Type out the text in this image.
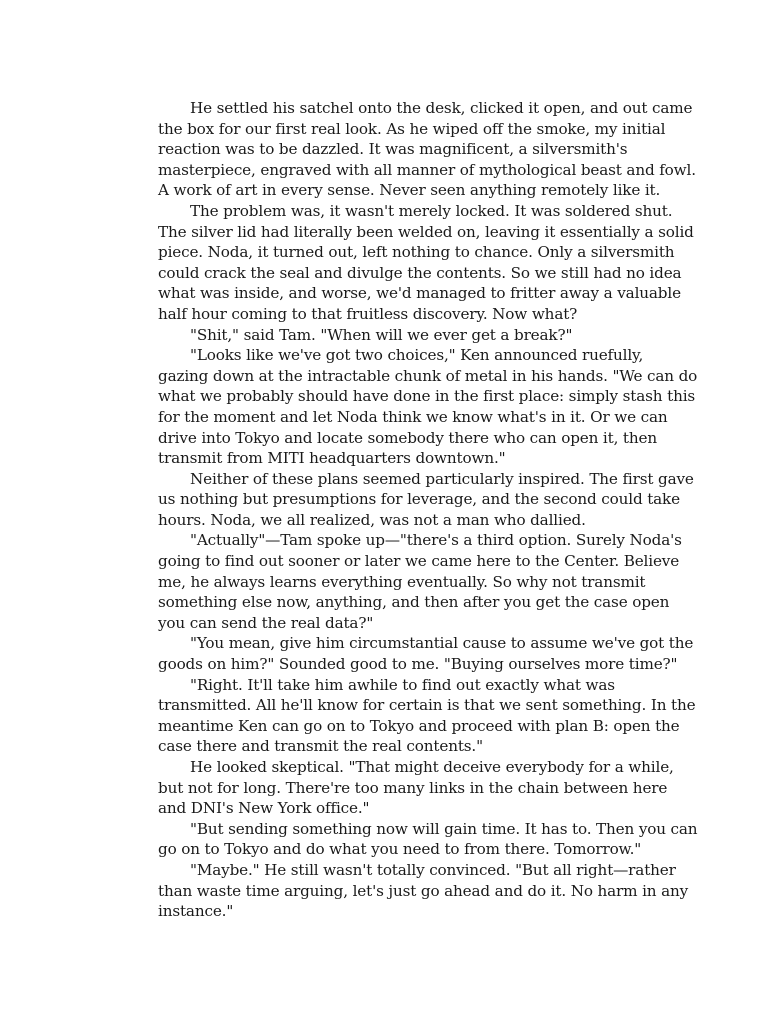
He settled his satchel onto the desk, clicked it open, and out came the box for our first real look. As he wiped off the smoke, my initial reaction was to be dazzled. It was magnificent, a silversmith's masterpiece, engraved with all manner of mythological beast and fowl. A work of art in every sense. Never seen anything remotely like it.

The problem was, it wasn't merely locked. It was soldered shut. The silver lid had literally been welded on, leaving it essentially a solid piece. Noda, it turned out, left nothing to chance. Only a silversmith could crack the seal and divulge the contents. So we still had no idea what was inside, and worse, we'd managed to fritter away a valuable half hour coming to that fruitless discovery. Now what?

"Shit," said Tam. "When will we ever get a break?"

"Looks like we've got two choices," Ken announced ruefully, gazing down at the intractable chunk of metal in his hands. "We can do what we probably should have done in the first place: simply stash this for the moment and let Noda think we know what's in it. Or we can drive into Tokyo and locate somebody there who can open it, then transmit from MITI headquarters downtown."

Neither of these plans seemed particularly inspired. The first gave us nothing but presumptions for leverage, and the second could take hours. Noda, we all realized, was not a man who dallied.

"Actually"—Tam spoke up—"there's a third option. Surely Noda's going to find out sooner or later we came here to the Center. Believe me, he always learns everything eventually. So why not transmit something else now, anything, and then after you get the case open you can send the real data?"

"You mean, give him circumstantial cause to assume we've got the goods on him?" Sounded good to me. "Buying ourselves more time?"

"Right. It'll take him awhile to find out exactly what was transmitted. All he'll know for certain is that we sent something. In the meantime Ken can go on to Tokyo and proceed with plan B: open the case there and transmit the real contents."

He looked skeptical. "That might deceive everybody for a while, but not for long. There're too many links in the chain between here and DNI's New York office."

"But sending something now will gain time. It has to. Then you can go on to Tokyo and do what you need to from there. Tomorrow."

"Maybe." He still wasn't totally convinced. "But all right—rather than waste time arguing, let's just go ahead and do it. No harm in any instance."
